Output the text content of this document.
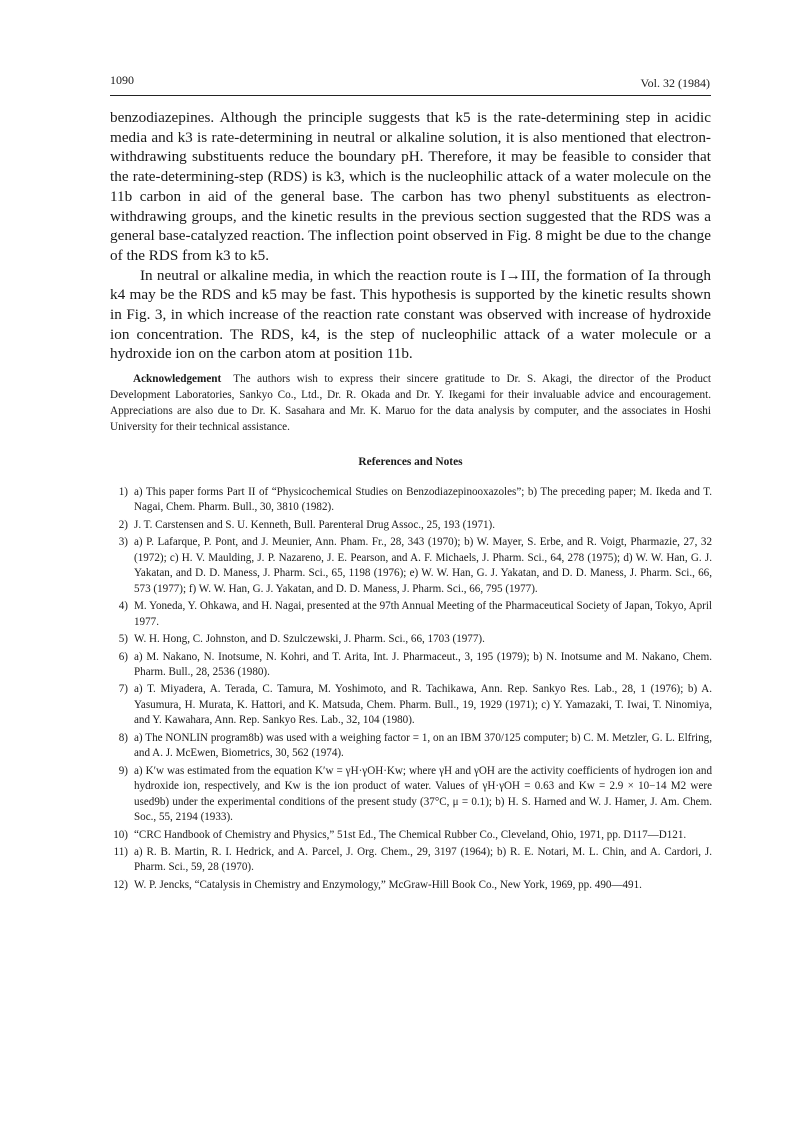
1090	Vol. 32 (1984)

benzodiazepines. Although the principle suggests that k5 is the rate-determining step in acidic media and k3 is rate-determining in neutral or alkaline solution, it is also mentioned that electron-withdrawing substituents reduce the boundary pH. Therefore, it may be feasible to consider that the rate-determining-step (RDS) is k3, which is the nucleophilic attack of a water molecule on the 11b carbon in aid of the general base. The carbon has two phenyl substituents as electron-withdrawing groups, and the kinetic results in the previous section suggested that the RDS was a general base-catalyzed reaction. The inflection point observed in Fig. 8 might be due to the change of the RDS from k3 to k5.

In neutral or alkaline media, in which the reaction route is I→III, the formation of Ia through k4 may be the RDS and k5 may be fast. This hypothesis is supported by the kinetic results shown in Fig. 3, in which increase of the reaction rate constant was observed with increase of hydroxide ion concentration. The RDS, k4, is the step of nucleophilic attack of a water molecule or a hydroxide ion on the carbon atom at position 11b.

Acknowledgement The authors wish to express their sincere gratitude to Dr. S. Akagi, the director of the Product Development Laboratories, Sankyo Co., Ltd., Dr. R. Okada and Dr. Y. Ikegami for their invaluable advice and encouragement. Appreciations are also due to Dr. K. Sasahara and Mr. K. Maruo for the data analysis by computer, and the associates in Hoshi University for their technical assistance.
References and Notes
1) a) This paper forms Part II of “Physicochemical Studies on Benzodiazepinooxazoles”; b) The preceding paper; M. Ikeda and T. Nagai, Chem. Pharm. Bull., 30, 3810 (1982).
2) J. T. Carstensen and S. U. Kenneth, Bull. Parenteral Drug Assoc., 25, 193 (1971).
3) a) P. Lafarque, P. Pont, and J. Meunier, Ann. Pham. Fr., 28, 343 (1970); b) W. Mayer, S. Erbe, and R. Voigt, Pharmazie, 27, 32 (1972); c) H. V. Maulding, J. P. Nazareno, J. E. Pearson, and A. F. Michaels, J. Pharm. Sci., 64, 278 (1975); d) W. W. Han, G. J. Yakatan, and D. D. Maness, J. Pharm. Sci., 65, 1198 (1976); e) W. W. Han, G. J. Yakatan, and D. D. Maness, J. Pharm. Sci., 66, 573 (1977); f) W. W. Han, G. J. Yakatan, and D. D. Maness, J. Pharm. Sci., 66, 795 (1977).
4) M. Yoneda, Y. Ohkawa, and H. Nagai, presented at the 97th Annual Meeting of the Pharmaceutical Society of Japan, Tokyo, April 1977.
5) W. H. Hong, C. Johnston, and D. Szulczewski, J. Pharm. Sci., 66, 1703 (1977).
6) a) M. Nakano, N. Inotsume, N. Kohri, and T. Arita, Int. J. Pharmaceut., 3, 195 (1979); b) N. Inotsume and M. Nakano, Chem. Pharm. Bull., 28, 2536 (1980).
7) a) T. Miyadera, A. Terada, C. Tamura, M. Yoshimoto, and R. Tachikawa, Ann. Rep. Sankyo Res. Lab., 28, 1 (1976); b) A. Yasumura, H. Murata, K. Hattori, and K. Matsuda, Chem. Pharm. Bull., 19, 1929 (1971); c) Y. Yamazaki, T. Iwai, T. Ninomiya, and Y. Kawahara, Ann. Rep. Sankyo Res. Lab., 32, 104 (1980).
8) a) The NONLIN program8b) was used with a weighing factor = 1, on an IBM 370/125 computer; b) C. M. Metzler, G. L. Elfring, and A. J. McEwen, Biometrics, 30, 562 (1974).
9) a) K′w was estimated from the equation K′w = γH·γOH·Kw; where γH and γOH are the activity coefficients of hydrogen ion and hydroxide ion, respectively, and Kw is the ion product of water. Values of γH·γOH = 0.63 and Kw = 2.9 × 10−14 M2 were used9b) under the experimental conditions of the present study (37°C, μ = 0.1); b) H. S. Harned and W. J. Hamer, J. Am. Chem. Soc., 55, 2194 (1933).
10) “CRC Handbook of Chemistry and Physics,” 51st Ed., The Chemical Rubber Co., Cleveland, Ohio, 1971, pp. D117—D121.
11) a) R. B. Martin, R. I. Hedrick, and A. Parcel, J. Org. Chem., 29, 3197 (1964); b) R. E. Notari, M. L. Chin, and A. Cardori, J. Pharm. Sci., 59, 28 (1970).
12) W. P. Jencks, “Catalysis in Chemistry and Enzymology,” McGraw-Hill Book Co., New York, 1969, pp. 490—491.
